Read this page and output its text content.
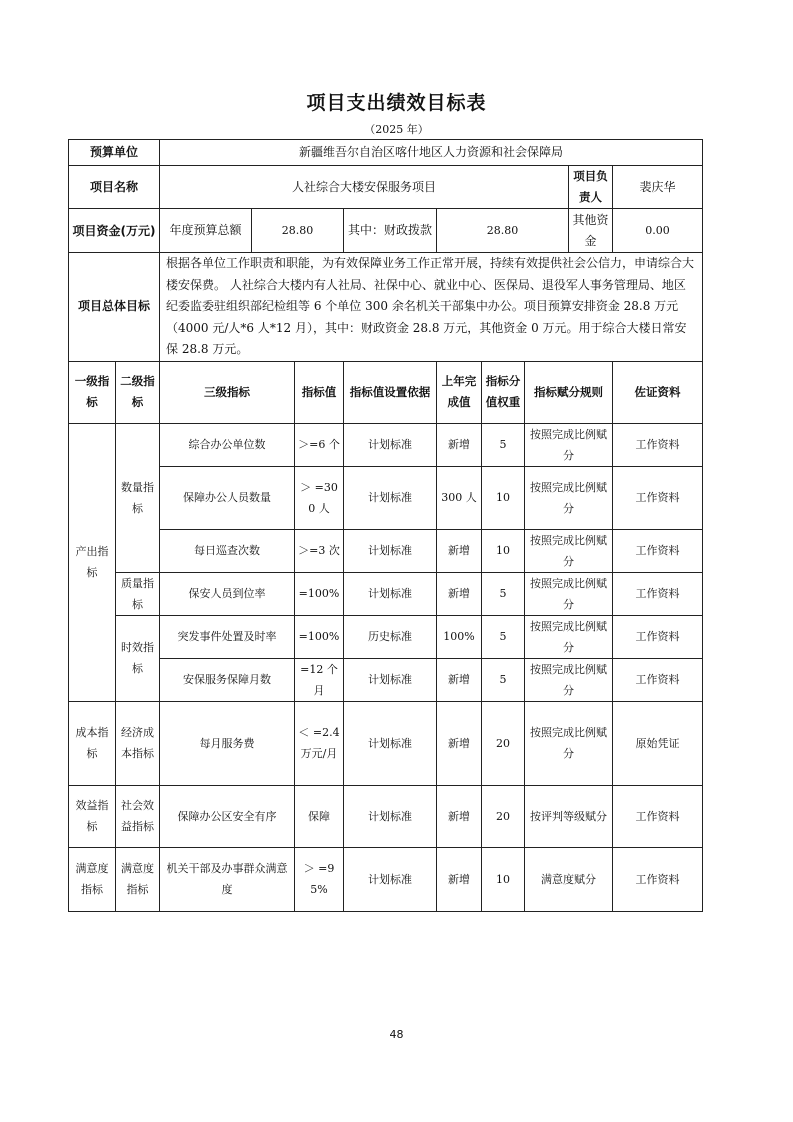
项目支出绩效目标表
（2025 年）
预算单位		新疆维吾尔自治区喀什地区人力资源和社会保障局								
项目名称		人社综合大楼安保服务项目							项目负责人	裴庆华
项目资金(万元)		年度预算总额	28.80		其中：财政拨款	28.80			其他资金	0.00
项目总体目标		根据各单位工作职责和职能，为有效保障业务工作正常开展，持续有效提供社会公信力，申请综合大楼安保费。 人社综合大楼内有人社局、社保中心、就业中心、医保局、退役军人事务管理局、地区纪委监委驻组织部纪检组等 6 个单位 300 余名机关干部集中办公。项目预算安排资金 28.8 万元（4000 元/人*6 人*12 月），其中：财政资金 28.8 万元，其他资金 0 万元。用于综合大楼日常安保 28.8 万元。								
一级指标	二级指标	三级指标		指标值	指标值设置依据	上年完成值	指标分值权重	指标赋分规则		佐证资料
产出指标	数量指标	综合办公单位数		＞=6 个	计划标准	新增	5	按照完成比例赋分		工作资料
		保障办公人员数量		＞ =300 人	计划标准	300 人	10	按照完成比例赋分		工作资料
		每日巡查次数		＞=3 次	计划标准	新增	10	按照完成比例赋分		工作资料
	质量指标	保安人员到位率		=100%	计划标准	新增	5	按照完成比例赋分		工作资料
	时效指标	突发事件处置及时率		=100%	历史标准	100%	5	按照完成比例赋分		工作资料
		安保服务保障月数		=12 个月	计划标准	新增	5	按照完成比例赋分		工作资料
成本指标	经济成本指标	每月服务费		＜ =2.4 万元/月	计划标准	新增	20	按照完成比例赋分		原始凭证
效益指标	社会效益指标	保障办公区安全有序		保障	计划标准	新增	20	按评判等级赋分		工作资料
满意度指标	满意度指标	机关干部及办事群众满意度		＞ =95%	计划标准	新增	10	满意度赋分		工作资料
48
